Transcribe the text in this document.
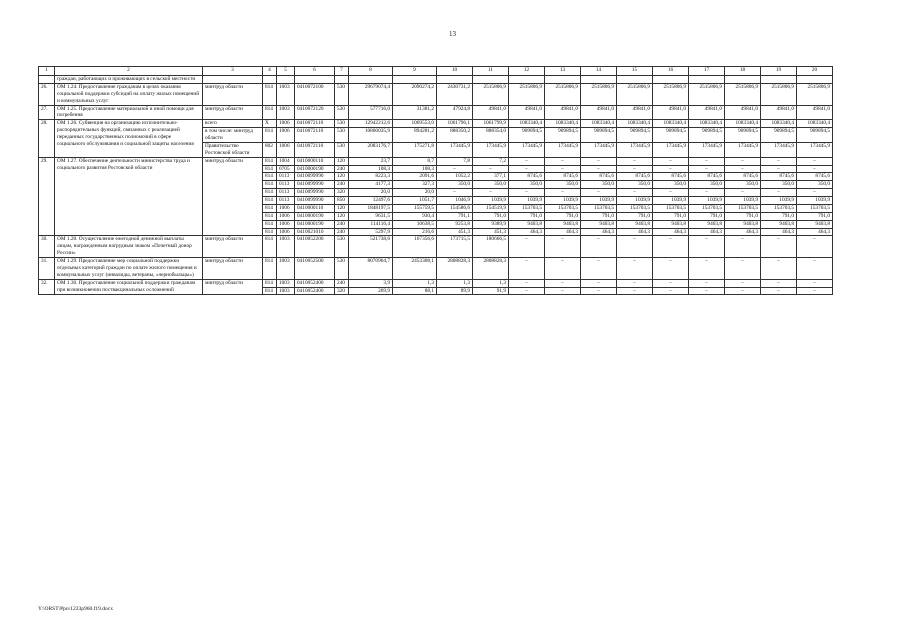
13
1	2	3	4	5	6	7	8	9	10	11	12	13	14	15	16	17	18	19	20
	граждан, работающих и проживающих в сельской местности																		
26.	ОМ 1.24. Предоставление гражданам в целях оказания социальной поддержки субсидий на оплату жилых помещений и коммунальных услуг	минтруд области	814	1003	0410072100	530	29679074,4	2090274,2	2430731,2	2515806,9	2515806,9	2515806,9	2515806,9	2515806,9	2515806,9	2515806,9	2515806,9	2515806,9	2515806,9
27.	ОМ 1.25. Предоставление материальной и иной помощи для погребения	минтруд области	814	1003	0410072120	530	577716,0	31381,2	47924,8	49841,0	49841,0	49841,0	49841,0	49841,0	49841,0	49841,0	49841,0	49841,0	49841,0
28.	ОМ 1.26. Субвенция на организацию исполнительно-распорядительных функций, связанных с реализацией переданных государственных полномочий в сфере социального обслуживания и социальной защиты населения	всего	Х	1006	0410072110	530	12942212,6	1069553,0	1061796,1	1061799,9	1083340,4	1083340,4	1083340,4	1083340,4	1083340,4	1083340,4	1083340,4	1083340,4	1083340,4
		в том числе: минтруд области	814	1006	0410072110	530	10860035,9	894281,2	888350,2	888354,0	909894,5	909894,5	909894,5	909894,5	909894,5	909894,5	909894,5	909894,5	909894,5
		Правительство Ростовской области	802	1006	0410072110	530	2083176,7	175271,8	173445,9	173445,9	173445,9	173445,9	173445,9	173445,9	173445,9	173445,9	173445,9	173445,9	173445,9
29.	ОМ 1.27. Обеспечение деятельности министерства труда и социального развития Ростовской области	минтруд области	814	1004	0410000110	120	23,7	8,7	7,8	7,2	–	–	–	–	–	–	–	–	–
			814	0705	0410000190	240	108,3	108,3	–	–	–	–	–	–	–	–	–	–	–
			814	0113	0410099990	120	8223,3	2091,6	1052,2	377,1	8745,6	8745,6	8745,6	8745,6	8745,6	8745,6	8745,6	8745,6	8745,6
			814	0113	0410099990	240	4177,3	327,3	350,0	350,0	350,0	350,0	350,0	350,0	350,0	350,0	350,0	350,0	350,0
			814	0113	0410099990	320	20,0	20,0	–	–	–	–	–	–	–	–	–	–	–
			814	0113	0410099990	850	12497,6	1051,7	1046,9	1039,9	1039,9	1039,9	1039,9	1039,9	1039,9	1039,9	1039,9	1039,9	1039,9
			814	1006	0410000110	120	1848197,5	155759,5	154586,6	154519,9	153703,5	153703,5	153703,5	153703,5	153703,5	153703,5	153703,5	153703,5	153703,5
			814	1006	0410000190	120	9631,5	930,4	791,1	791,0	791,0	791,0	791,0	791,0	791,0	791,0	791,0	791,0	791,0
			814	1006	0410000190	240	114116,4	10638,5	9253,8	9389,9	9403,8	9403,8	9403,8	9403,8	9403,8	9403,8	9403,8	9403,8	9403,8
			814	1006	0410021010	240	5297,9	216,6	451,3	451,3	464,3	464,3	464,3	464,3	464,3	464,3	464,3	464,3	464,3
30.	ОМ 1.28. Осуществление ежегодной денежной выплаты лицам, награжденным нагрудным знаком «Почетный донор России»	минтруд области	814	1003	0410052200	530	521738,6	167356,6	173715,5	180666,5	–	–	–	–	–	–	–	–	–
31.	ОМ 1.29. Предоставление мер социальной поддержки отдельных категорий граждан по оплате жилого помещения и коммунальных услуг (инвалиды, ветераны, «чернобыльцы»)	минтруд области	814	1003	0410052500	530	8070964,7	2453308,1	2808828,3	2808828,3	–	–	–	–	–	–	–	–	–
32.	ОМ 1.30. Предоставление социальной поддержки гражданам при возникновении поствакцинальных осложнений	минтруд области	814	1003	0410052400	240	3,9	1,3	1,3	1,3	–	–	–	–	–	–	–	–	–
			814	1003	0410052400	320	269,9	88,1	89,9	91,9	–	–	–	–	–	–	–	–	–
Y:\ORST\Ppo\1223p960.f19.docx
